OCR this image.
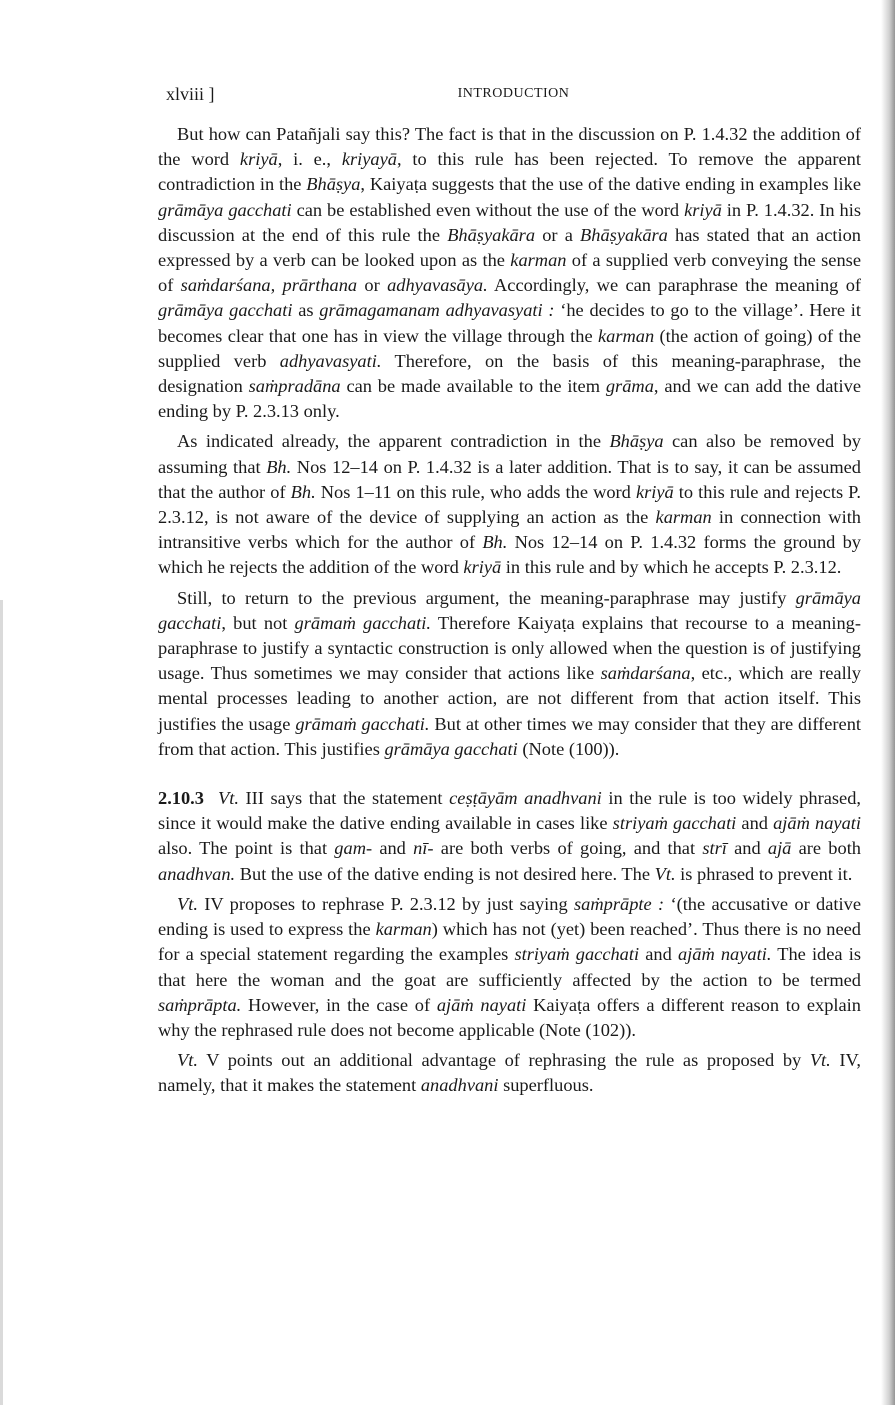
xlviii ]	INTRODUCTION

But how can Patañjali say this? The fact is that in the discussion on P. 1.4.32 the addition of the word kriyā, i. e., kriyayā, to this rule has been rejected. To remove the apparent contradiction in the Bhāṣya, Kaiyaṭa suggests that the use of the dative ending in examples like grāmāya gacchati can be established even without the use of the word kriyā in P. 1.4.32. In his discussion at the end of this rule the Bhāṣyakāra or a Bhāṣyakāra has stated that an action expressed by a verb can be looked upon as the karman of a supplied verb conveying the sense of saṁdarśana, prārthana or adhyavasāya. Accordingly, we can paraphrase the meaning of grāmāya gacchati as grāmagamanam adhyavasyati : ‘he decides to go to the village’. Here it becomes clear that one has in view the village through the karman (the action of going) of the supplied verb adhyavasyati. Therefore, on the basis of this meaning-paraphrase, the designation saṁpradāna can be made available to the item grāma, and we can add the dative ending by P. 2.3.13 only.

As indicated already, the apparent contradiction in the Bhāṣya can also be removed by assuming that Bh. Nos 12–14 on P. 1.4.32 is a later addition. That is to say, it can be assumed that the author of Bh. Nos 1–11 on this rule, who adds the word kriyā to this rule and rejects P. 2.3.12, is not aware of the device of supplying an action as the karman in connection with intransitive verbs which for the author of Bh. Nos 12–14 on P. 1.4.32 forms the ground by which he rejects the addition of the word kriyā in this rule and by which he accepts P. 2.3.12.

Still, to return to the previous argument, the meaning-paraphrase may justify grāmāya gacchati, but not grāmaṁ gacchati. Therefore Kaiyaṭa explains that recourse to a meaning-paraphrase to justify a syntactic construction is only allowed when the question is of justifying usage. Thus sometimes we may consider that actions like saṁdarśana, etc., which are really mental processes leading to another action, are not different from that action itself. This justifies the usage grāmaṁ gacchati. But at other times we may consider that they are different from that action. This justifies grāmāya gacchati (Note (100)).

2.10.3 Vt. III says that the statement ceṣṭāyām anadhvani in the rule is too widely phrased, since it would make the dative ending available in cases like striyaṁ gacchati and ajāṁ nayati also. The point is that gam- and nī- are both verbs of going, and that strī and ajā are both anadhvan. But the use of the dative ending is not desired here. The Vt. is phrased to prevent it.

Vt. IV proposes to rephrase P. 2.3.12 by just saying saṁprāpte : ‘(the accusative or dative ending is used to express the karman) which has not (yet) been reached’. Thus there is no need for a special statement regarding the examples striyaṁ gacchati and ajāṁ nayati. The idea is that here the woman and the goat are sufficiently affected by the action to be termed saṁprāpta. However, in the case of ajāṁ nayati Kaiyaṭa offers a different reason to explain why the rephrased rule does not become applicable (Note (102)).

Vt. V points out an additional advantage of rephrasing the rule as proposed by Vt. IV, namely, that it makes the statement anadhvani superfluous.
